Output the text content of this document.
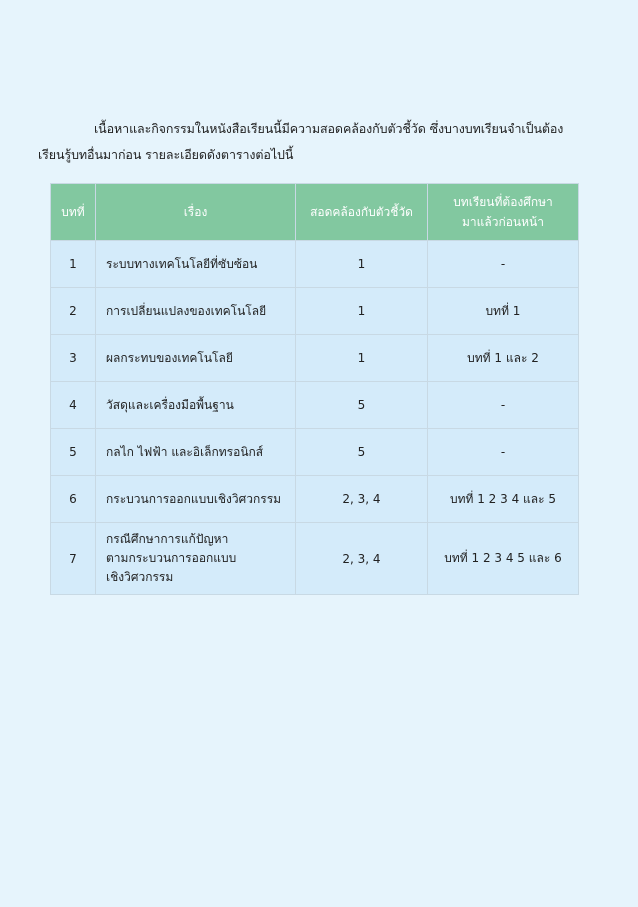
เนื้อหาและกิจกรรมในหนังสือเรียนนี้มีความสอดคล้องกับตัวชี้วัด ซึ่งบางบทเรียนจำเป็นต้อง
เรียนรู้บทอื่นมาก่อน รายละเอียดดังตารางต่อไปนี้
บทที่	เรื่อง	สอดคล้องกับตัวชี้วัด	บทเรียนที่ต้องศึกษา
มาแล้วก่อนหน้า

1	ระบบทางเทคโนโลยีที่ซับซ้อน	1	-
2	การเปลี่ยนแปลงของเทคโนโลยี	1	บทที่ 1
3	ผลกระทบของเทคโนโลยี	1	บทที่ 1 และ 2
4	วัสดุและเครื่องมือพื้นฐาน	5	-
5	กลไก ไฟฟ้า และอิเล็กทรอนิกส์	5	-
6	กระบวนการออกแบบเชิงวิศวกรรม	2, 3, 4	บทที่ 1 2 3 4 และ 5
7	กรณีศึกษาการแก้ปัญหา
ตามกระบวนการออกแบบ
เชิงวิศวกรรม	2, 3, 4	บทที่ 1 2 3 4 5 และ 6
